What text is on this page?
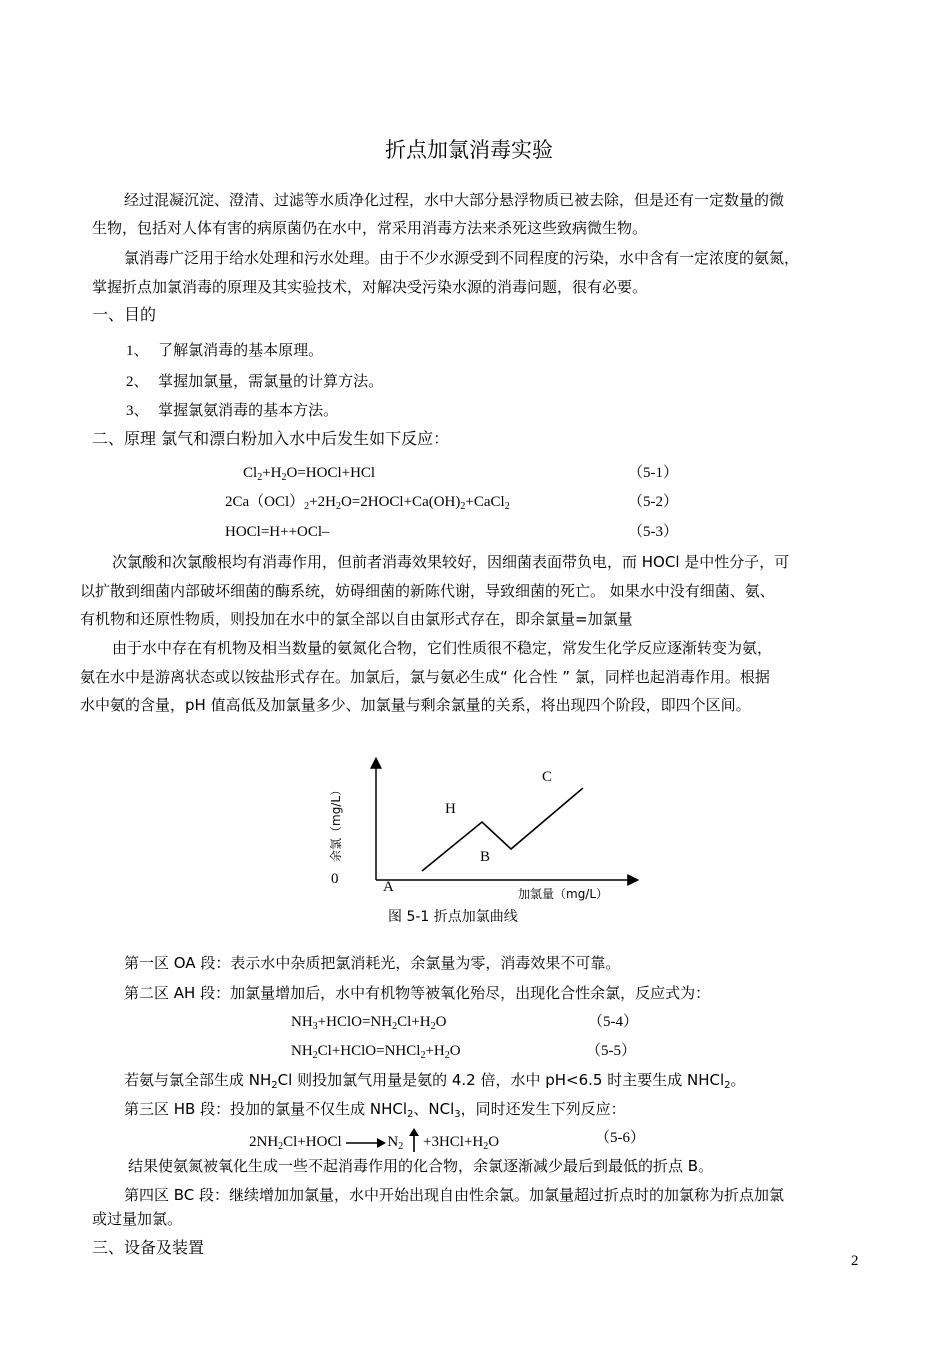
折点加氯消毒实验
经过混凝沉淀、澄清、过滤等水质净化过程，水中大部分悬浮物质已被去除，但是还有一定数量的微
生物，包括对人体有害的病原菌仍在水中，常采用消毒方法来杀死这些致病微生物。
氯消毒广泛用于给水处理和污水处理。由于不少水源受到不同程度的污染，水中含有一定浓度的氨氮，
掌握折点加氯消毒的原理及其实验技术，对解决受污染水源的消毒问题，很有必要。
一、目的
1、 了解氯消毒的基本原理。
2、 掌握加氯量，需氯量的计算方法。
3、 掌握氯氨消毒的基本方法。
二、原理 氯气和漂白粉加入水中后发生如下反应：
$Cl_2+H_2O=HOCl+HCl$	（5-1）
$2Ca(OCl)_2+2H_2O=2HOCl+Ca(OH)_2+CaCl_2$	（5-2）
HOCl=H++OCl–	（5-3）
次氯酸和次氯酸根均有消毒作用，但前者消毒效果较好，因细菌表面带负电，而 HOCl 是中性分子，可
以扩散到细菌内部破坏细菌的酶系统，妨碍细菌的新陈代谢，导致细菌的死亡。 如果水中没有细菌、氨、
有机物和还原性物质，则投加在水中的氯全部以自由氯形式存在，即余氯量=加氯量
由于水中存在有机物及相当数量的氨氮化合物，它们性质很不稳定，常发生化学反应逐渐转变为氨，
氨在水中是游离状态或以铵盐形式存在。加氯后，氯与氨必生成“ 化合性 ” 氯，同样也起消毒作用。根据
水中氨的含量，pH 值高低及加氯量多少、加氯量与剩余氯量的关系，将出现四个阶段，即四个区间。
0	A
H
B
C
加氯量（mg/L）
余氯（mg/L）
图 5-1 折点加氯曲线
第一区 OA 段：表示水中杂质把氯消耗光，余氯量为零，消毒效果不可靠。
第二区 AH 段：加氯量增加后，水中有机物等被氧化殆尽，出现化合性余氯，反应式为：
$NH_3+HClO=NH_2Cl+H_2O$	（5-4）
$NH_2Cl+HClO=NHCl_2+H_2O$	（5-5）
若氨与氯全部生成 $NH_2Cl$ 则投加氯气用量是氨的 4.2 倍，水中 pH<6.5 时主要生成 NHCl$_2$。
第三区 HB 段：投加的氯量不仅生成 NHCl$_2$、NCl$_3$，同时还发生下列反应：
$2NH_2Cl+HOCl \to N_2 +3HCl+H_2O$	（5-6）
结果使氨氮被氧化生成一些不起消毒作用的化合物，余氯逐渐减少最后到最低的折点 B。
第四区 BC 段：继续增加加氯量，水中开始出现自由性余氯。加氯量超过折点时的加氯称为折点加氯
或过量加氯。
三、设备及装置
2
